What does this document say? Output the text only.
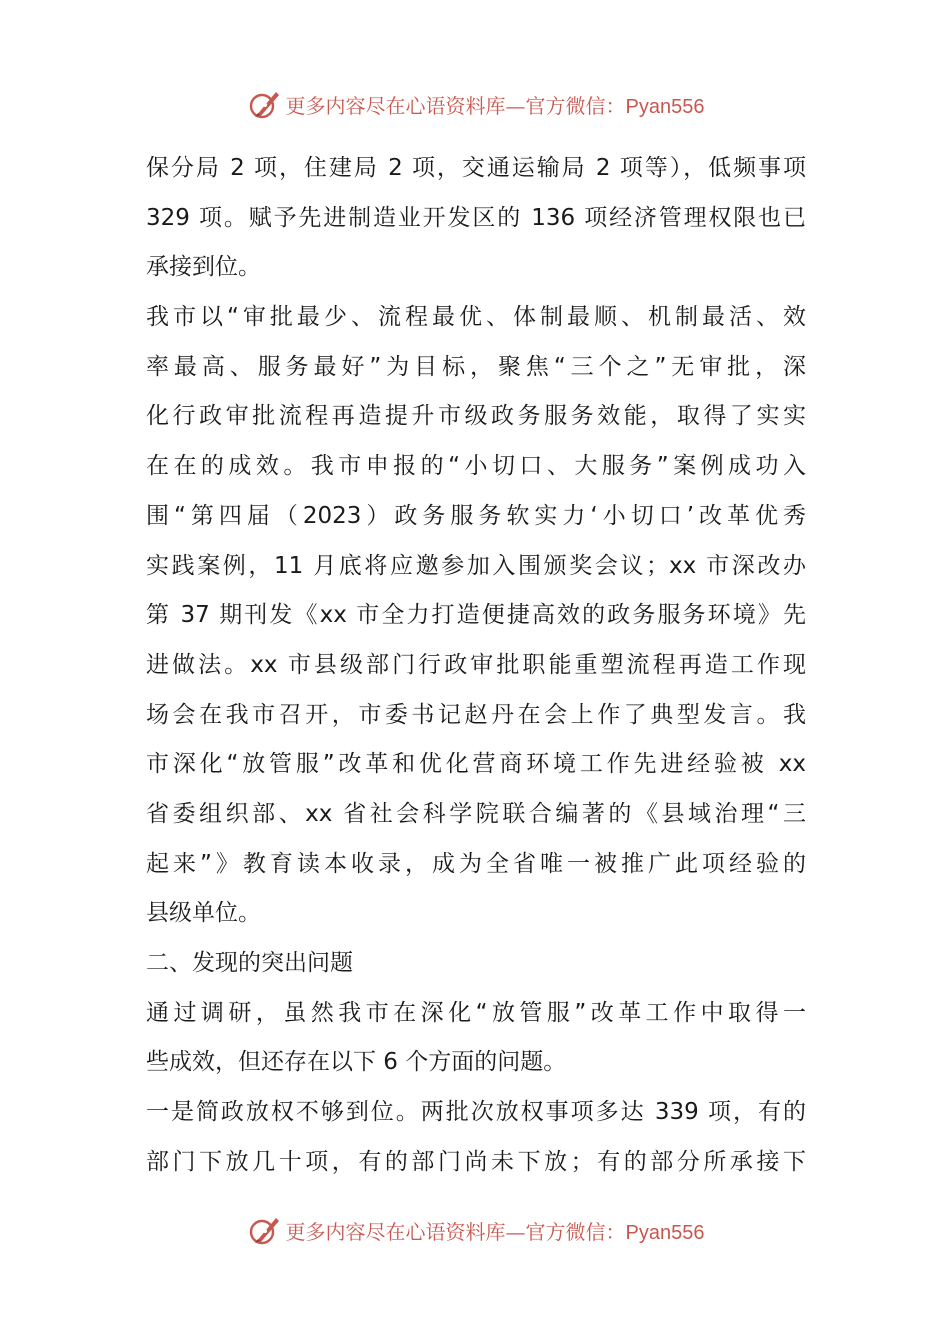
更多内容尽在心语资料库—官方微信：Pyan556
保分局 2 项，住建局 2 项，交通运输局 2 项等），低频事项
329 项。赋予先进制造业开发区的 136 项经济管理权限也已
承接到位。
我市以“审批最少、流程最优、体制最顺、机制最活、效
率最高、服务最好”为目标，聚焦“三个之”无审批，深
化行政审批流程再造提升市级政务服务效能，取得了实实
在在的成效。我市申报的“小切口、大服务”案例成功入
围“第四届（2023）政务服务软实力‘小切口’改革优秀
实践案例，11 月底将应邀参加入围颁奖会议；xx 市深改办
第 37 期刊发《xx 市全力打造便捷高效的政务服务环境》先
进做法。xx 市县级部门行政审批职能重塑流程再造工作现
场会在我市召开，市委书记赵丹在会上作了典型发言。我
市深化“放管服”改革和优化营商环境工作先进经验被 xx
省委组织部、xx 省社会科学院联合编著的《县域治理“三
起来”》教育读本收录，成为全省唯一被推广此项经验的
县级单位。
二、发现的突出问题
通过调研，虽然我市在深化“放管服”改革工作中取得一
些成效，但还存在以下 6 个方面的问题。
一是简政放权不够到位。两批次放权事项多达 339 项，有的
部门下放几十项，有的部门尚未下放；有的部分所承接下
更多内容尽在心语资料库—官方微信：Pyan556
